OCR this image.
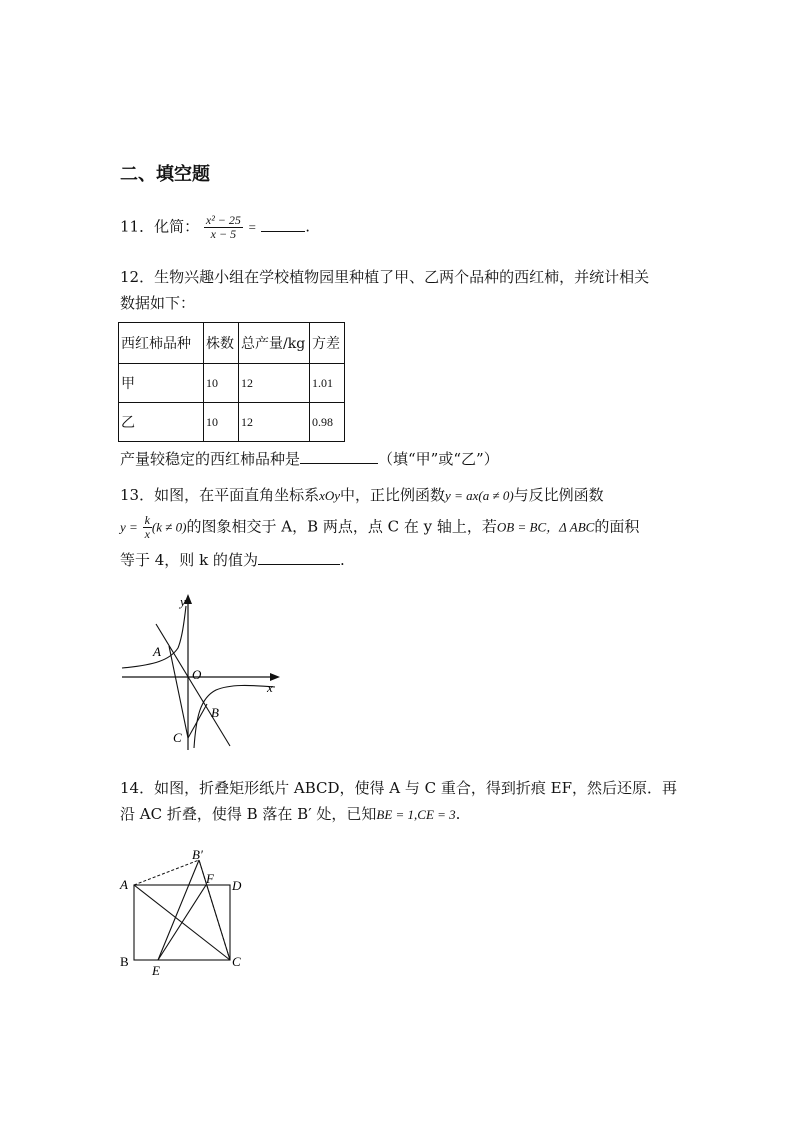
二、填空题
11．化简： $\frac{\text{x² − 25}}{x - 5}$ =	.
12．生物兴趣小组在学校植物园里种植了甲、乙两个品种的西红柿，并统计相关
数据如下：
西红柿品种	株数	总产量/kg	方差
甲	10	12	1.01
乙	10	12	0.98
产量较稳定的西红柿品种是	（填“甲”或“乙”）
13．如图，在平面直角坐标系xOy中，正比例函数y = ax(a ≠ 0)与反比例函数
$y = \frac{k}{x} (k \ne 0)$的图象相交于 A，B 两点，点 C 在 y 轴上，若OB = BC，Δ ABC的面积
等于 4，则 k 的值为	.
y
x
O
A
B
C
14．如图，折叠矩形纸片 ABCD，使得 A 与 C 重合，得到折痕 EF，然后还原．再
沿 AC 折叠，使得 B 落在 B′ 处，已知BE = 1,CE = 3.
A
B	C
D
E
F
B′
